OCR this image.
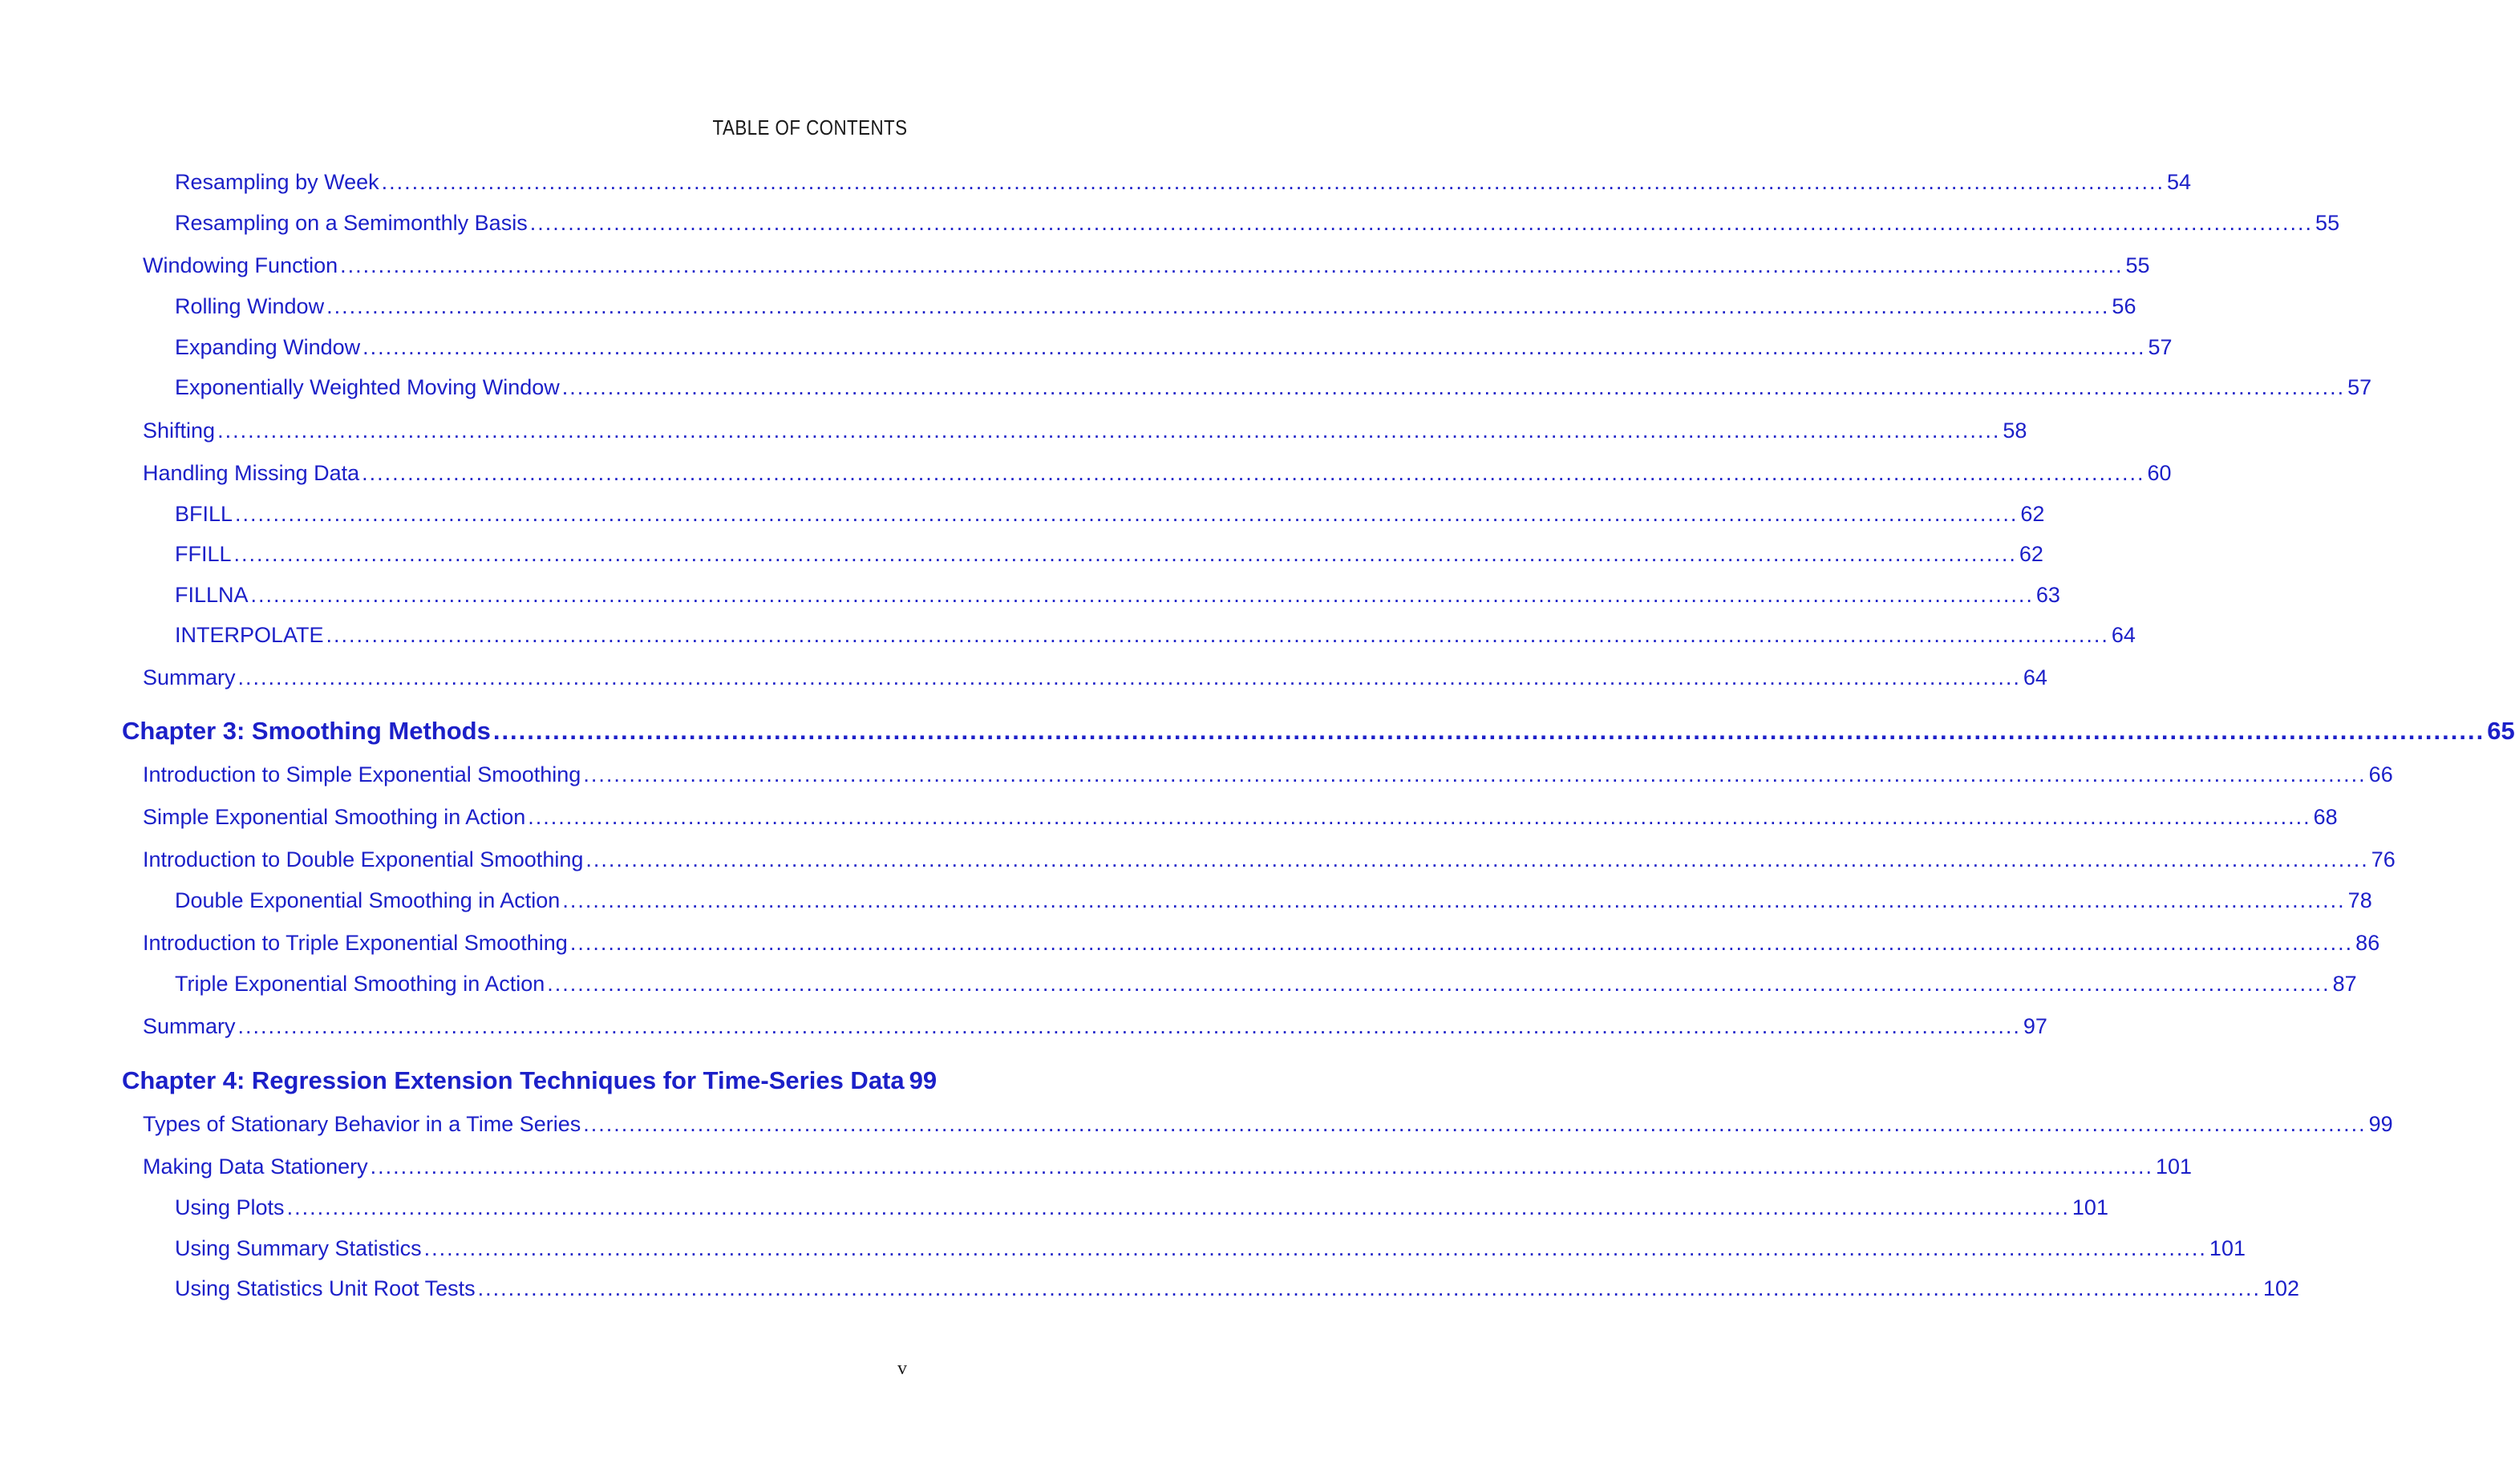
TABLE OF CONTENTS
Resampling by Week .....	54
Resampling on a Semimonthly Basis .....	55
Windowing Function .....	55
Rolling Window .....	56
Expanding Window .....	57
Exponentially Weighted Moving Window .....	57
Shifting .....	58
Handling Missing Data .....	60
BFILL .....	62
FFILL .....	62
FILLNA .....	63
INTERPOLATE .....	64
Summary .....	64
Chapter 3: Smoothing Methods .....	65
Introduction to Simple Exponential Smoothing .....	66
Simple Exponential Smoothing in Action .....	68
Introduction to Double Exponential Smoothing .....	76
Double Exponential Smoothing in Action .....	78
Introduction to Triple Exponential Smoothing .....	86
Triple Exponential Smoothing in Action .....	87
Summary .....	97
Chapter 4: Regression Extension Techniques for Time-Series Data 99
Types of Stationary Behavior in a Time Series .....	99
Making Data Stationery .....	101
Using Plots .....	101
Using Summary Statistics .....	101
Using Statistics Unit Root Tests .....	102
v
